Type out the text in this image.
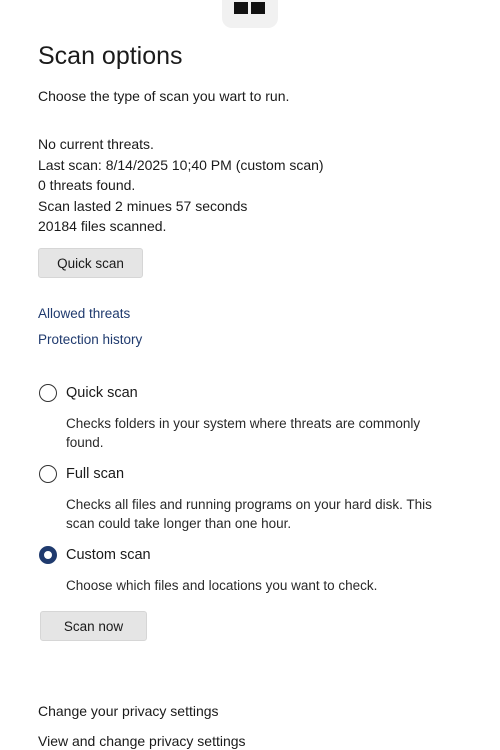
Scan options
Choose the type of scan you wart to run.
No current threats.
Last scan: 8/14/2025 10;40 PM (custom scan)
0 threats found.
Scan lasted 2 minues 57 seconds
20184 files scanned.
Quick scan
Allowed threats
Protection history
Quick scan
Checks folders in your system where threats are commonly found.
Full scan
Checks all files and running programs on your hard disk. This scan could take longer than one hour.
Custom scan
Choose which files and locations you want to check.
Scan now
Change your privacy settings
View and change privacy settings
